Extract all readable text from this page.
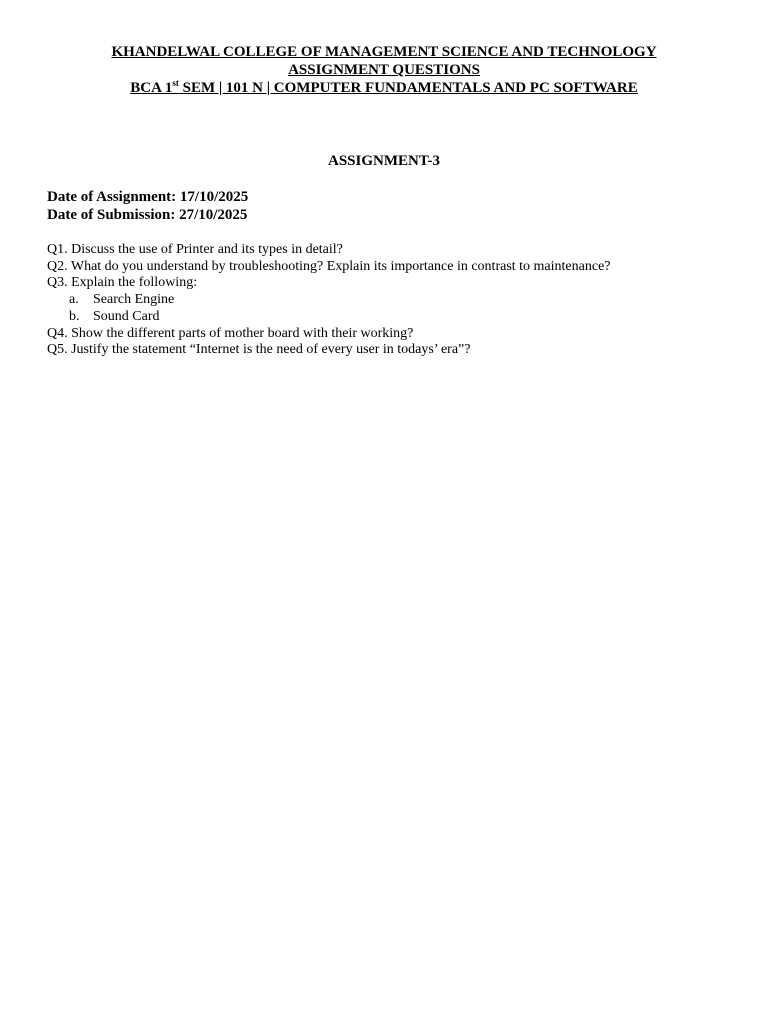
KHANDELWAL COLLEGE OF MANAGEMENT SCIENCE AND TECHNOLOGY
ASSIGNMENT QUESTIONS
BCA 1st SEM | 101 N | COMPUTER FUNDAMENTALS AND PC SOFTWARE
ASSIGNMENT-3
Date of Assignment: 17/10/2025
Date of Submission: 27/10/2025
Q1. Discuss the use of Printer and its types in detail?
Q2. What do you understand by troubleshooting? Explain its importance in contrast to maintenance?
Q3. Explain the following:
a. Search Engine
b. Sound Card
Q4. Show the different parts of mother board with their working?
Q5. Justify the statement “Internet is the need of every user in todays’ era”?
